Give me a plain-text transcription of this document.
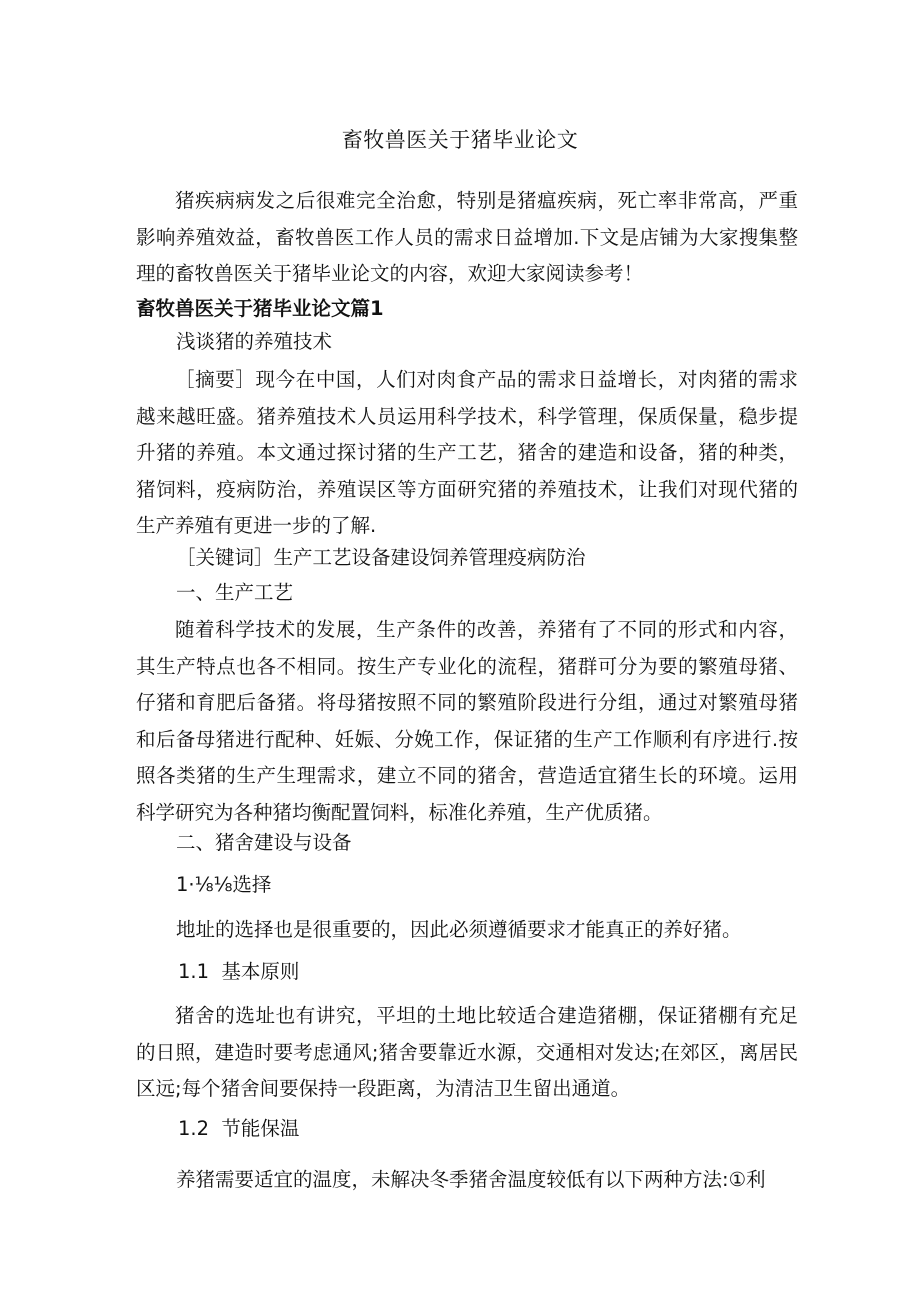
畜牧兽医关于猪毕业论文

猪疾病病发之后很难完全治愈，特别是猪瘟疾病，死亡率非常高，严重影响养殖效益，畜牧兽医工作人员的需求日益增加.下文是店铺为大家搜集整理的畜牧兽医关于猪毕业论文的内容，欢迎大家阅读参考！

畜牧兽医关于猪毕业论文篇1
浅谈猪的养殖技术

［摘要］现今在中国，人们对肉食产品的需求日益增长，对肉猪的需求越来越旺盛。猪养殖技术人员运用科学技术，科学管理，保质保量，稳步提升猪的养殖。本文通过探讨猪的生产工艺，猪舍的建造和设备，猪的种类，猪饲料，疫病防治，养殖误区等方面研究猪的养殖技术，让我们对现代猪的生产养殖有更进一步的了解.

［关键词］生产工艺设备建设饲养管理疫病防治
一、生产工艺

随着科学技术的发展，生产条件的改善，养猪有了不同的形式和内容，其生产特点也各不相同。按生产专业化的流程，猪群可分为要的繁殖母猪、仔猪和育肥后备猪。将母猪按照不同的繁殖阶段进行分组，通过对繁殖母猪和后备母猪进行配种、妊娠、分娩工作，保证猪的生产工作顺利有序进行.按照各类猪的生产生理需求，建立不同的猪舍，营造适宜猪生长的环境。运用科学研究为各种猪均衡配置饲料，标准化养殖，生产优质猪。

二、猪舍建设与设备
1·⅛⅛选择
地址的选择也是很重要的，因此必须遵循要求才能真正的养好猪。
1.1  基本原则

猪舍的选址也有讲究，平坦的土地比较适合建造猪棚，保证猪棚有充足的日照，建造时要考虑通风;猪舍要靠近水源，交通相对发达;在郊区，离居民区远;每个猪舍间要保持一段距离，为清洁卫生留出通道。

1.2  节能保温
养猪需要适宜的温度，未解决冬季猪舍温度较低有以下两种方法:①利
